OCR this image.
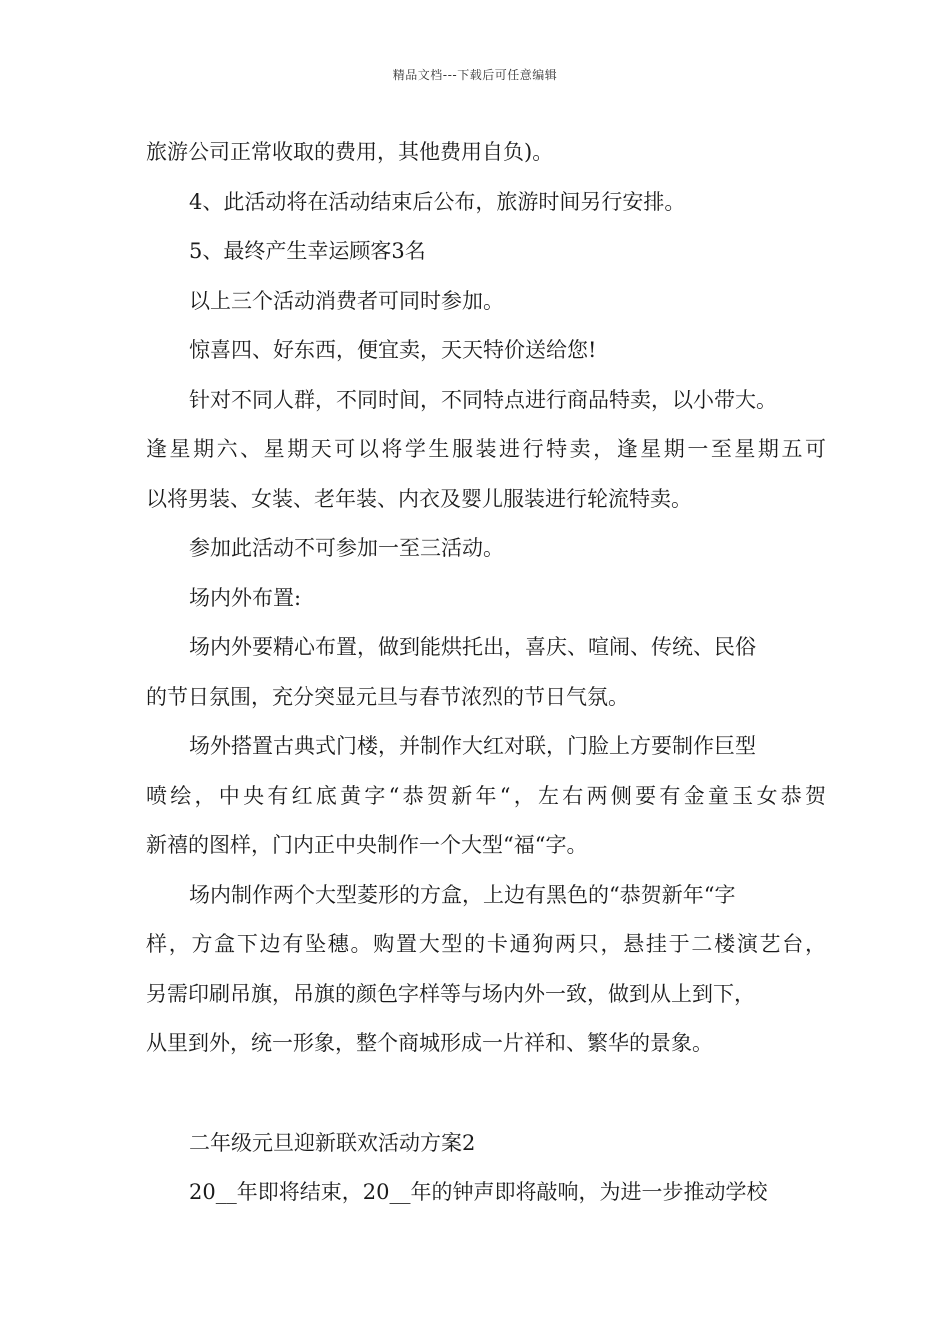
精品文档---下载后可任意编辑
旅游公司正常收取的费用，其他费用自负)。
4、此活动将在活动结束后公布，旅游时间另行安排。
5、最终产生幸运顾客3名
以上三个活动消费者可同时参加。
惊喜四、好东西，便宜卖，天天特价送给您!
针对不同人群，不同时间，不同特点进行商品特卖，以小带大。
逢星期六、星期天可以将学生服装进行特卖，逢星期一至星期五可
以将男装、女装、老年装、内衣及婴儿服装进行轮流特卖。
参加此活动不可参加一至三活动。
场内外布置:
场内外要精心布置，做到能烘托出，喜庆、喧闹、传统、民俗
的节日氛围，充分突显元旦与春节浓烈的节日气氛。
场外搭置古典式门楼，并制作大红对联，门脸上方要制作巨型
喷绘，中央有红底黄字“恭贺新年“，左右两侧要有金童玉女恭贺
新禧的图样，门内正中央制作一个大型“福“字。
场内制作两个大型菱形的方盒，上边有黑色的“恭贺新年“字
样，方盒下边有坠穗。购置大型的卡通狗两只，悬挂于二楼演艺台，
另需印刷吊旗，吊旗的颜色字样等与场内外一致，做到从上到下，
从里到外，统一形象，整个商城形成一片祥和、繁华的景象。
二年级元旦迎新联欢活动方案2
20__年即将结束，20__年的钟声即将敲响，为进一步推动学校
